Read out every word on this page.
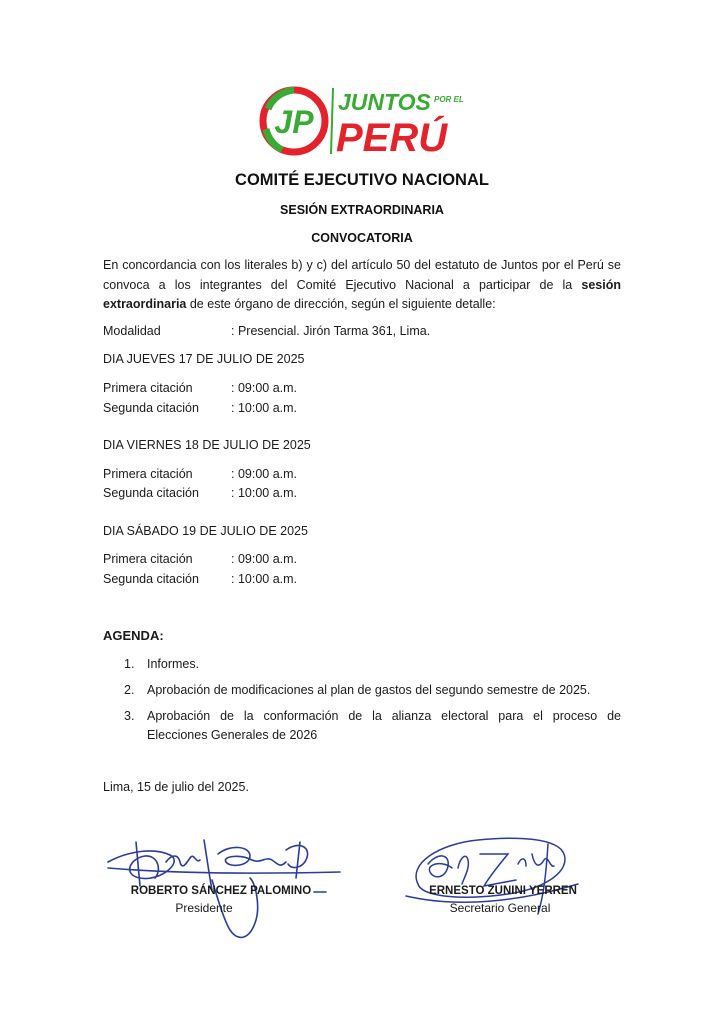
JP
JUNTOS POR EL
PERÚ
COMITÉ EJECUTIVO NACIONAL
SESIÓN EXTRAORDINARIA
CONVOCATORIA
En concordancia con los literales b) y c) del artículo 50 del estatuto de Juntos por el Perú se
convoca a los integrantes del Comité Ejecutivo Nacional a participar de la sesión
extraordinaria de este órgano de dirección, según el siguiente detalle:
Modalidad	: Presencial. Jirón Tarma 361, Lima.
DIA JUEVES 17 DE JULIO DE 2025
Primera citación	: 09:00 a.m.
Segunda citación	: 10:00 a.m.
DIA VIERNES 18 DE JULIO DE 2025
Primera citación	: 09:00 a.m.
Segunda citación	: 10:00 a.m.
DIA SÁBADO 19 DE JULIO DE 2025
Primera citación	: 09:00 a.m.
Segunda citación	: 10:00 a.m.
AGENDA:
1. Informes.
2. Aprobación de modificaciones al plan de gastos del segundo semestre de 2025.
3. Aprobación de la conformación de la alianza electoral para el proceso de
Elecciones Generales de 2026
Lima, 15 de julio del 2025.
ROBERTO SÁNCHEZ PALOMINO
Presidente
ERNESTO ZUNINI YERREN
Secretario General
